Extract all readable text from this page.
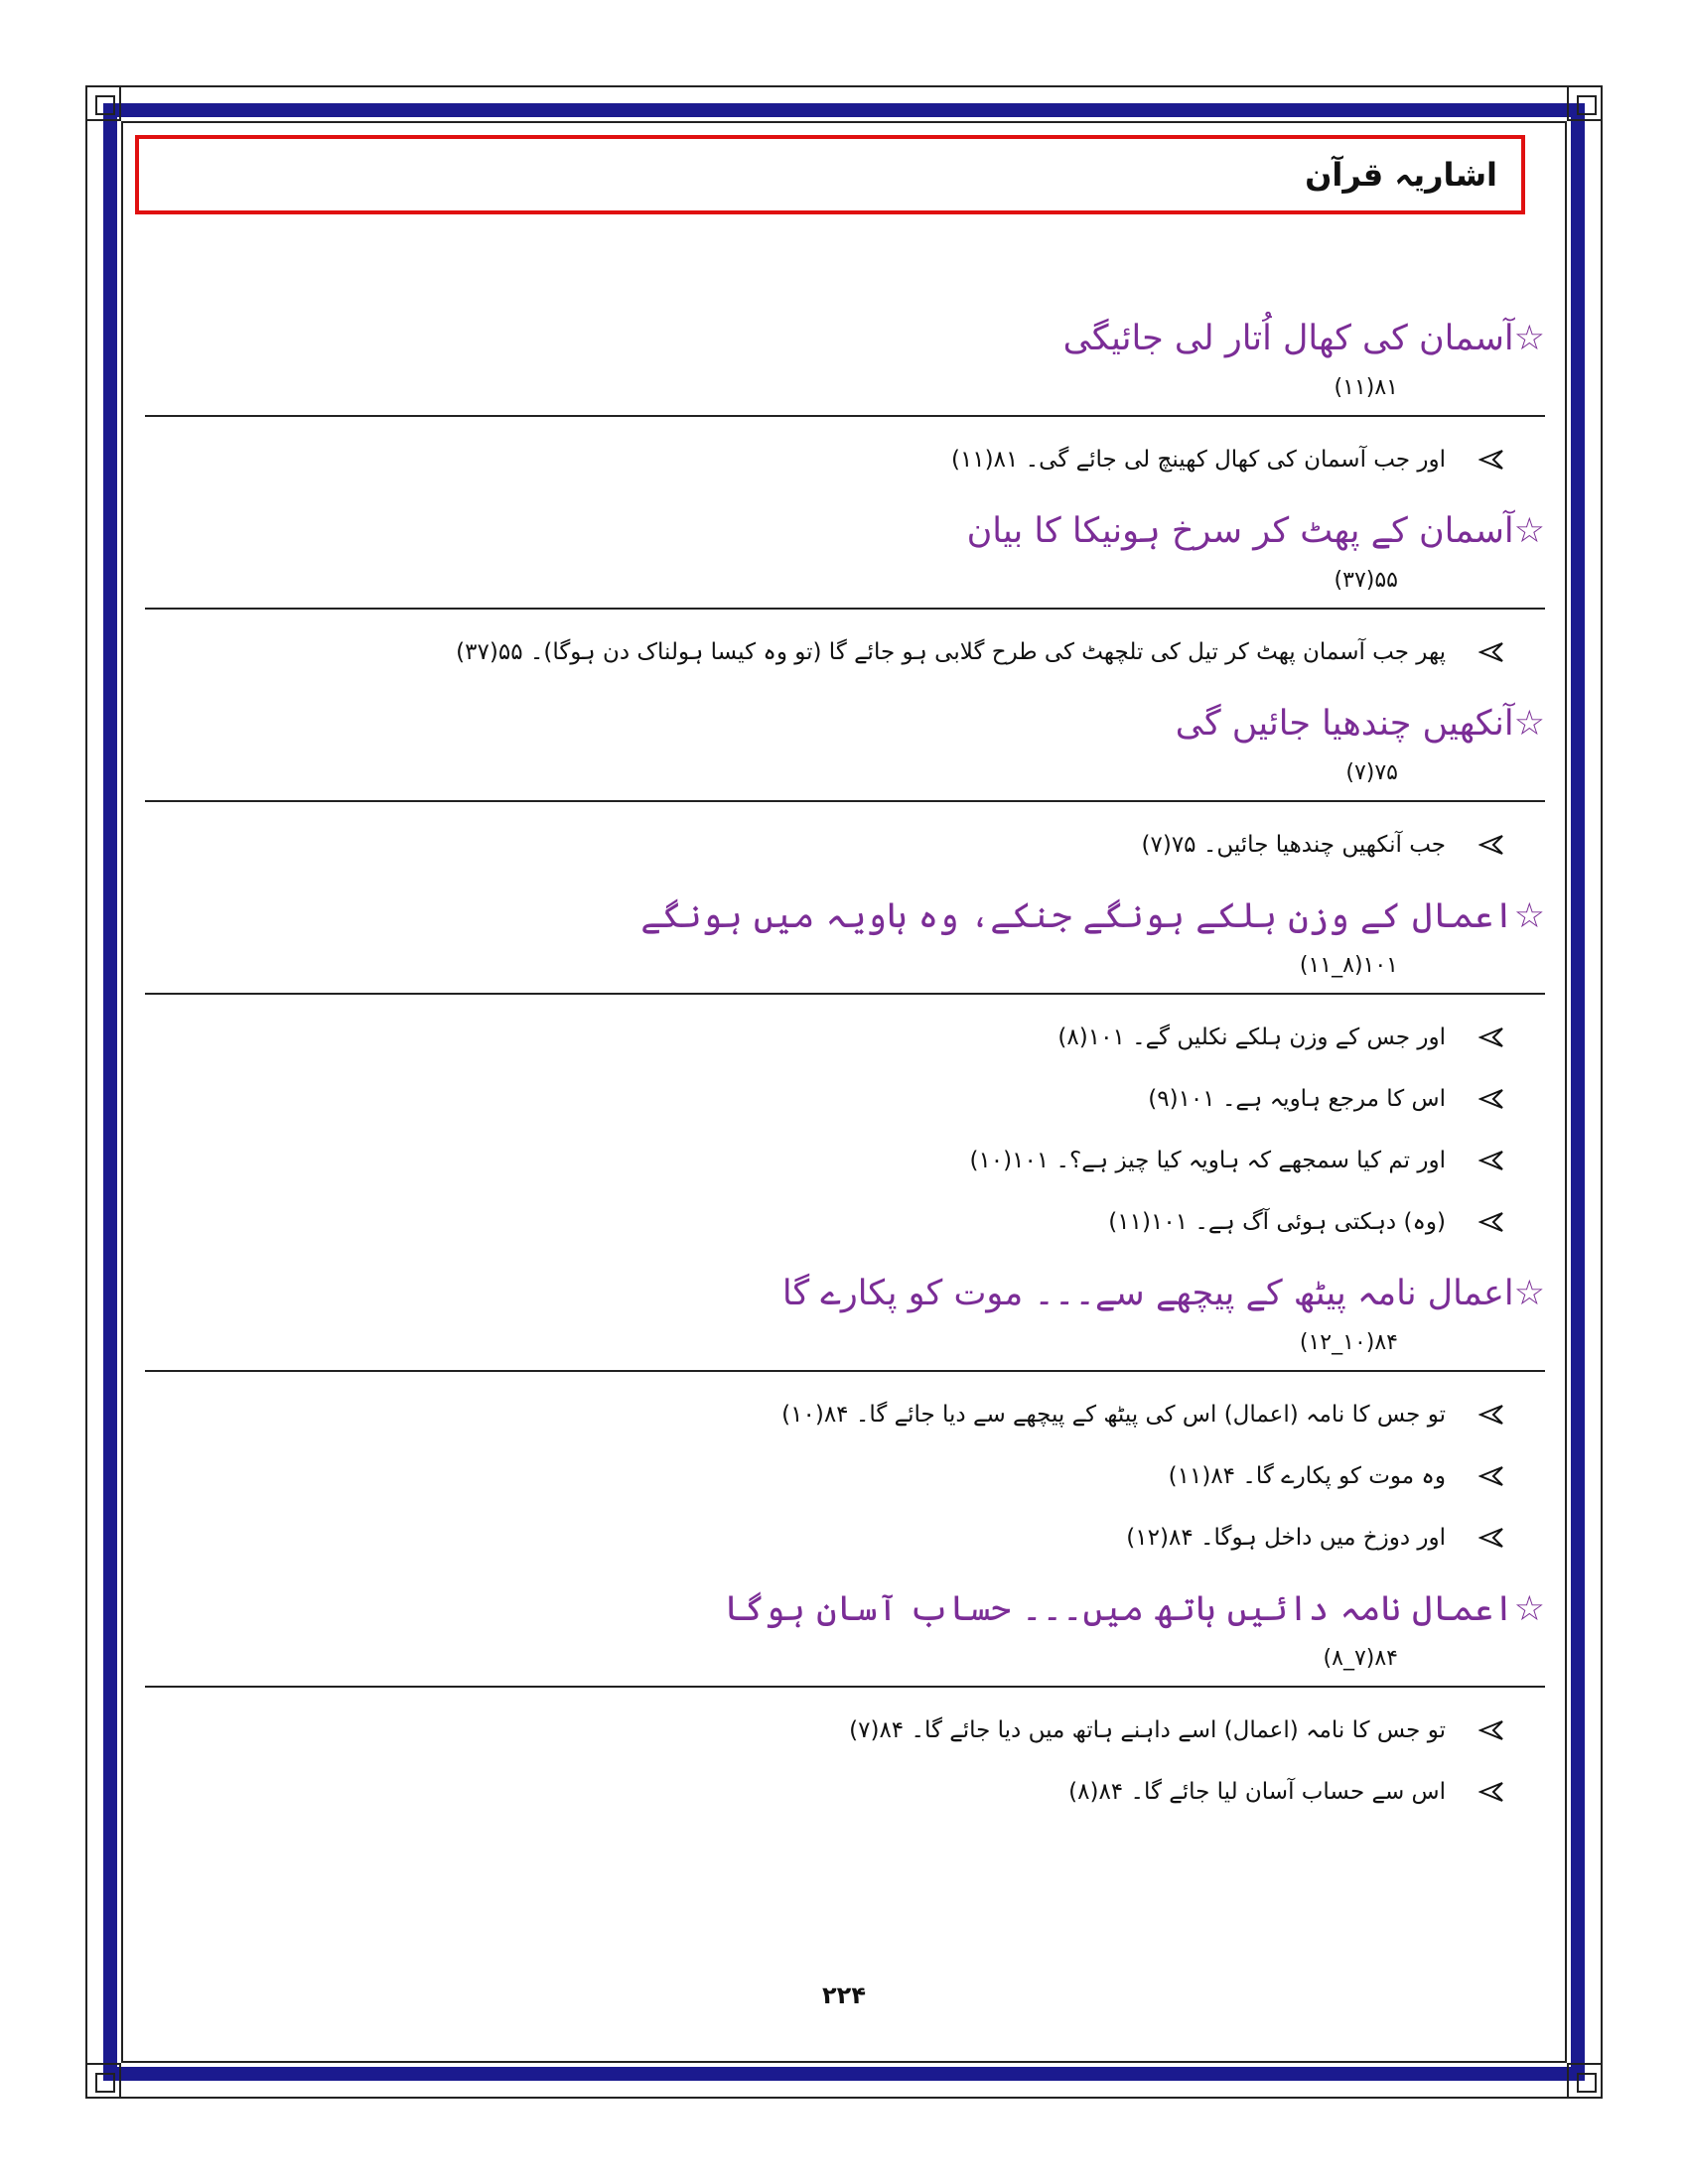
اشاریہ قرآن
☆آسمان کی کھال اُتار لی جائیگی
۸۱(۱۱)
اور جب آسمان کی کھال کھینچ لی جائے گی۔ ۸۱(۱۱)
☆آسمان کے پھٹ کر سرخ ہونیکا کا بیان
۵۵(۳۷)
پھر جب آسمان پھٹ کر تیل کی تلچھٹ کی طرح گلابی ہو جائے گا (تو وہ کیسا ہولناک دن ہوگا)۔ ۵۵(۳۷)
☆آنکھیں چندھیا جائیں گی
۷۵(۷)
جب آنکھیں چندھیا جائیں۔ ۷۵(۷)
☆اعمال کے وزن ہلکے ہونگے جنکے، وہ ہاویہ میں ہونگے
۱۰۱(۸_۱۱)
اور جس کے وزن ہلکے نکلیں گے۔ ۱۰۱(۸)
اس کا مرجع ہاویہ ہے۔ ۱۰۱(۹)
اور تم کیا سمجھے کہ ہاویہ کیا چیز ہے؟۔ ۱۰۱(۱۰)
(وہ) دہکتی ہوئی آگ ہے۔ ۱۰۱(۱۱)
☆اعمال نامہ پیٹھ کے پیچھے سے۔۔۔ موت کو پکارے گا
۸۴(۱۰_۱۲)
تو جس کا نامہ (اعمال) اس کی پیٹھ کے پیچھے سے دیا جائے گا۔ ۸۴(۱۰)
وہ موت کو پکارے گا۔ ۸۴(۱۱)
اور دوزخ میں داخل ہوگا۔ ۸۴(۱۲)
☆اعمال نامہ دائیں ہاتھ میں۔۔۔ حساب آسان ہوگا
۸۴(۷_۸)
تو جس کا نامہ (اعمال) اسے داہنے ہاتھ میں دیا جائے گا۔ ۸۴(۷)
اس سے حساب آسان لیا جائے گا۔ ۸۴(۸)
۲۲۴
